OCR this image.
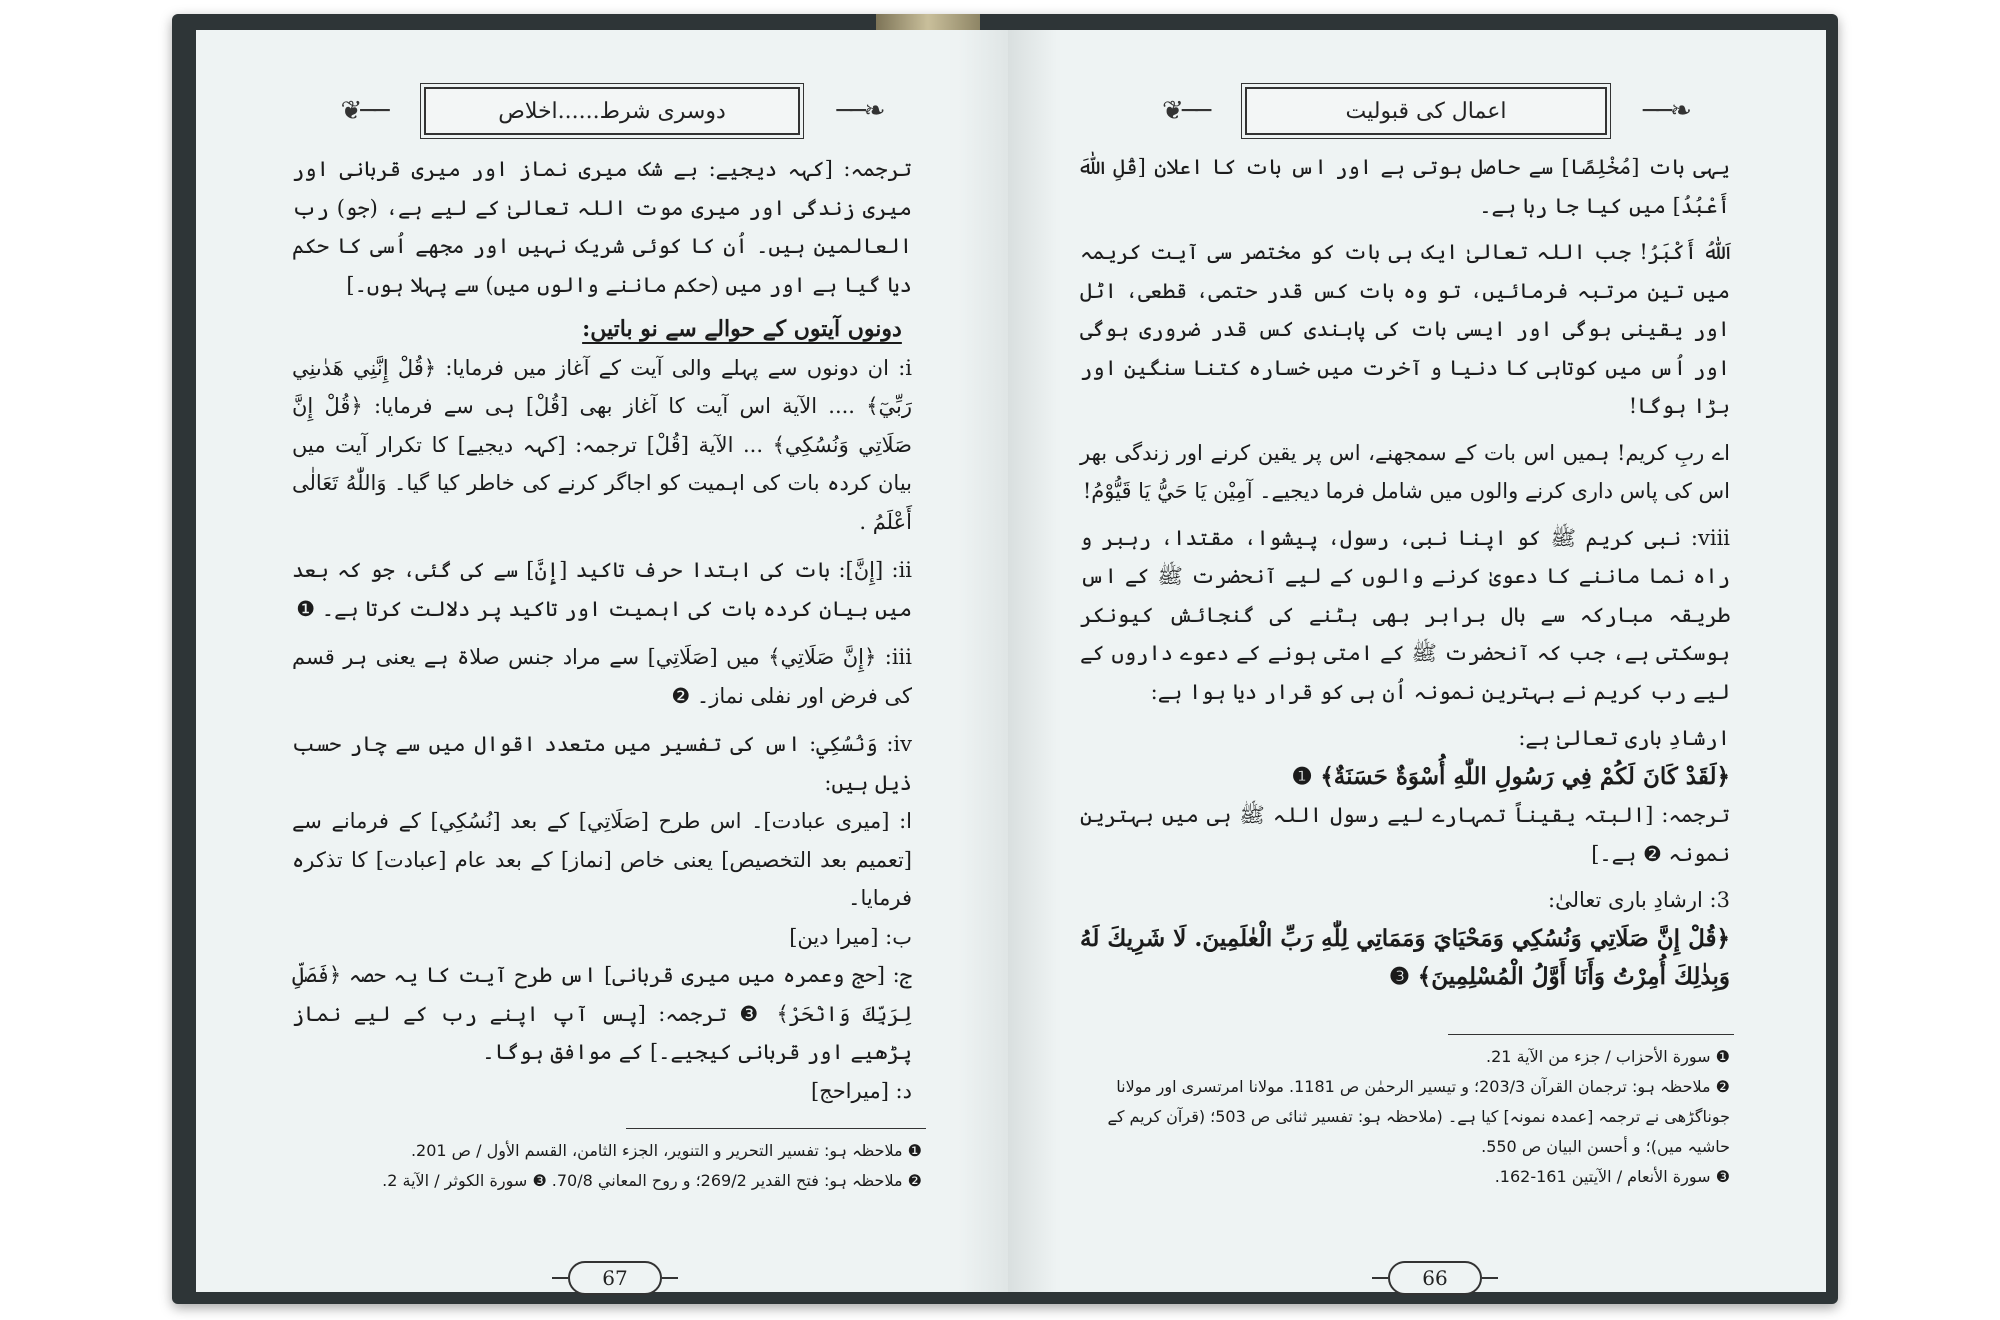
❦──	دوسری شرط......اخلاص	──❧

ترجمہ: [کہہ دیجیے: بے شک میری نماز اور میری قربانی اور میری زندگی اور میری موت اللہ تعالیٰ کے لیے ہے، (جو) رب العالمین ہیں۔ اُن کا کوئی شریک نہیں اور مجھے اُسی کا حکم دیا گیا ہے اور میں (حکم ماننے والوں میں) سے پہلا ہوں۔]

دونوں آیتوں کے حوالے سے نو باتیں:

i: ان دونوں سے پہلے والی آیت کے آغاز میں فرمایا: ﴿قُلْ إِنَّنِي هَدٰىنِي رَبِّيٓ﴾ .... الآیة اس آیت کا آغاز بھی [قُلْ] ہی سے فرمایا: ﴿قُلْ إِنَّ صَلَاتِي وَنُسُكِي﴾ ... الآیة [قُلْ] ترجمہ: [کہہ دیجیے] کا تکرار آیت میں بیان کردہ بات کی اہمیت کو اجاگر کرنے کی خاطر کیا گیا۔ وَاللّٰهُ تَعَالٰی أَعْلَمُ .

ii: [إِنَّ]: بات کی ابتدا حرف تاکید [إِنَّ] سے کی گئی، جو کہ بعد میں بیان کردہ بات کی اہمیت اور تاکید پر دلالت کرتا ہے۔ ❶

iii: ﴿إِنَّ صَلَاتِي﴾ میں [صَلَاتِي] سے مراد جنس صلاۃ ہے یعنی ہر قسم کی فرض اور نفلی نماز۔ ❷

iv: وَنُسُكِي: اس کی تفسیر میں متعدد اقوال میں سے چار حسب ذیل ہیں:

ا: [میری عبادت]۔ اس طرح [صَلَاتِي] کے بعد [نُسُكِي] کے فرمانے سے [تعمیم بعد التخصیص] یعنی خاص [نماز] کے بعد عام [عبادت] کا تذکرہ فرمایا۔

ب: [میرا دین]

ج: [حج وعمرہ میں میری قربانی] اس طرح آیت کا یہ حصہ ﴿فَصَلِّ لِرَبِّكَ وَانْحَرْ﴾ ❸ ترجمہ: [پس آپ اپنے رب کے لیے نماز پڑھیے اور قربانی کیجیے۔] کے موافق ہوگا۔

د: [میراحج]

❶ ملاحظہ ہو: تفسیر التحریر و التنویر، الجزء الثامن، القسم الأول / ص 201.

❷ ملاحظہ ہو: فتح القدیر 269/2؛ و روح المعاني 70/8. ❸ سورة الكوثر / الآية 2.

67
❦──	اعمال کی قبولیت	──❧

یہی بات [مُخْلِصًا] سے حاصل ہوتی ہے اور اس بات کا اعلان [قُلِ اللّٰهَ أَعْبُدُ] میں کیا جا رہا ہے۔

اَللّٰهُ أَكْبَرُ! جب اللہ تعالیٰ ایک ہی بات کو مختصر سی آیت کریمہ میں تین مرتبہ فرمائیں، تو وہ بات کس قدر حتمی، قطعی، اٹل اور یقینی ہوگی اور ایسی بات کی پابندی کس قدر ضروری ہوگی اور اُس میں کوتاہی کا دنیا و آخرت میں خسارہ کتنا سنگین اور بڑا ہوگا!

اے ربِ کریم! ہمیں اس بات کے سمجھنے، اس پر یقین کرنے اور زندگی بھر اس کی پاس داری کرنے والوں میں شامل فرما دیجیے۔ آمِيْن يَا حَيُّ يَا قَيُّوْمُ!

viii: نبی کریم ﷺ کو اپنا نبی، رسول، پیشوا، مقتدا، رہبر و راہ نما ماننے کا دعویٰ کرنے والوں کے لیے آنحضرت ﷺ کے اس طریقہ مبارکہ سے بال برابر بھی ہٹنے کی گنجائش کیونکر ہوسکتی ہے، جب کہ آنحضرت ﷺ کے امتی ہونے کے دعوے داروں کے لیے رب کریم نے بہترین نمونہ اُن ہی کو قرار دیا ہوا ہے:

ارشادِ باری تعالیٰ ہے:

﴿لَقَدْ كَانَ لَكُمْ فِي رَسُولِ اللّٰهِ أُسْوَةٌ حَسَنَةٌ﴾ ❶

ترجمہ: [البتہ یقیناً تمہارے لیے رسول اللہ ﷺ ہی میں بہترین نمونہ ❷ ہے۔]

3: ارشادِ باری تعالیٰ:

﴿قُلْ إِنَّ صَلَاتِي وَنُسُكِي وَمَحْيَايَ وَمَمَاتِي لِلّٰهِ رَبِّ الْعٰلَمِينَ. لَا شَرِيكَ لَهُ وَبِذٰلِكَ أُمِرْتُ وَأَنَا أَوَّلُ الْمُسْلِمِينَ﴾ ❸

❶ سورة الأحزاب / جزء من الآیة 21.

❷ ملاحظہ ہو: ترجمان القرآن 203/3؛ و تيسير الرحمٰن ص 1181. مولانا امرتسری اور مولانا جوناگڑھی نے ترجمہ [عمدہ نمونہ] کیا ہے۔ (ملاحظہ ہو: تفسیر ثنائی ص 503؛ (قرآن کریم کے حاشیہ میں)؛ و أحسن البيان ص 550.

❸ سورة الأنعام / الآيتين 161-162.

66
